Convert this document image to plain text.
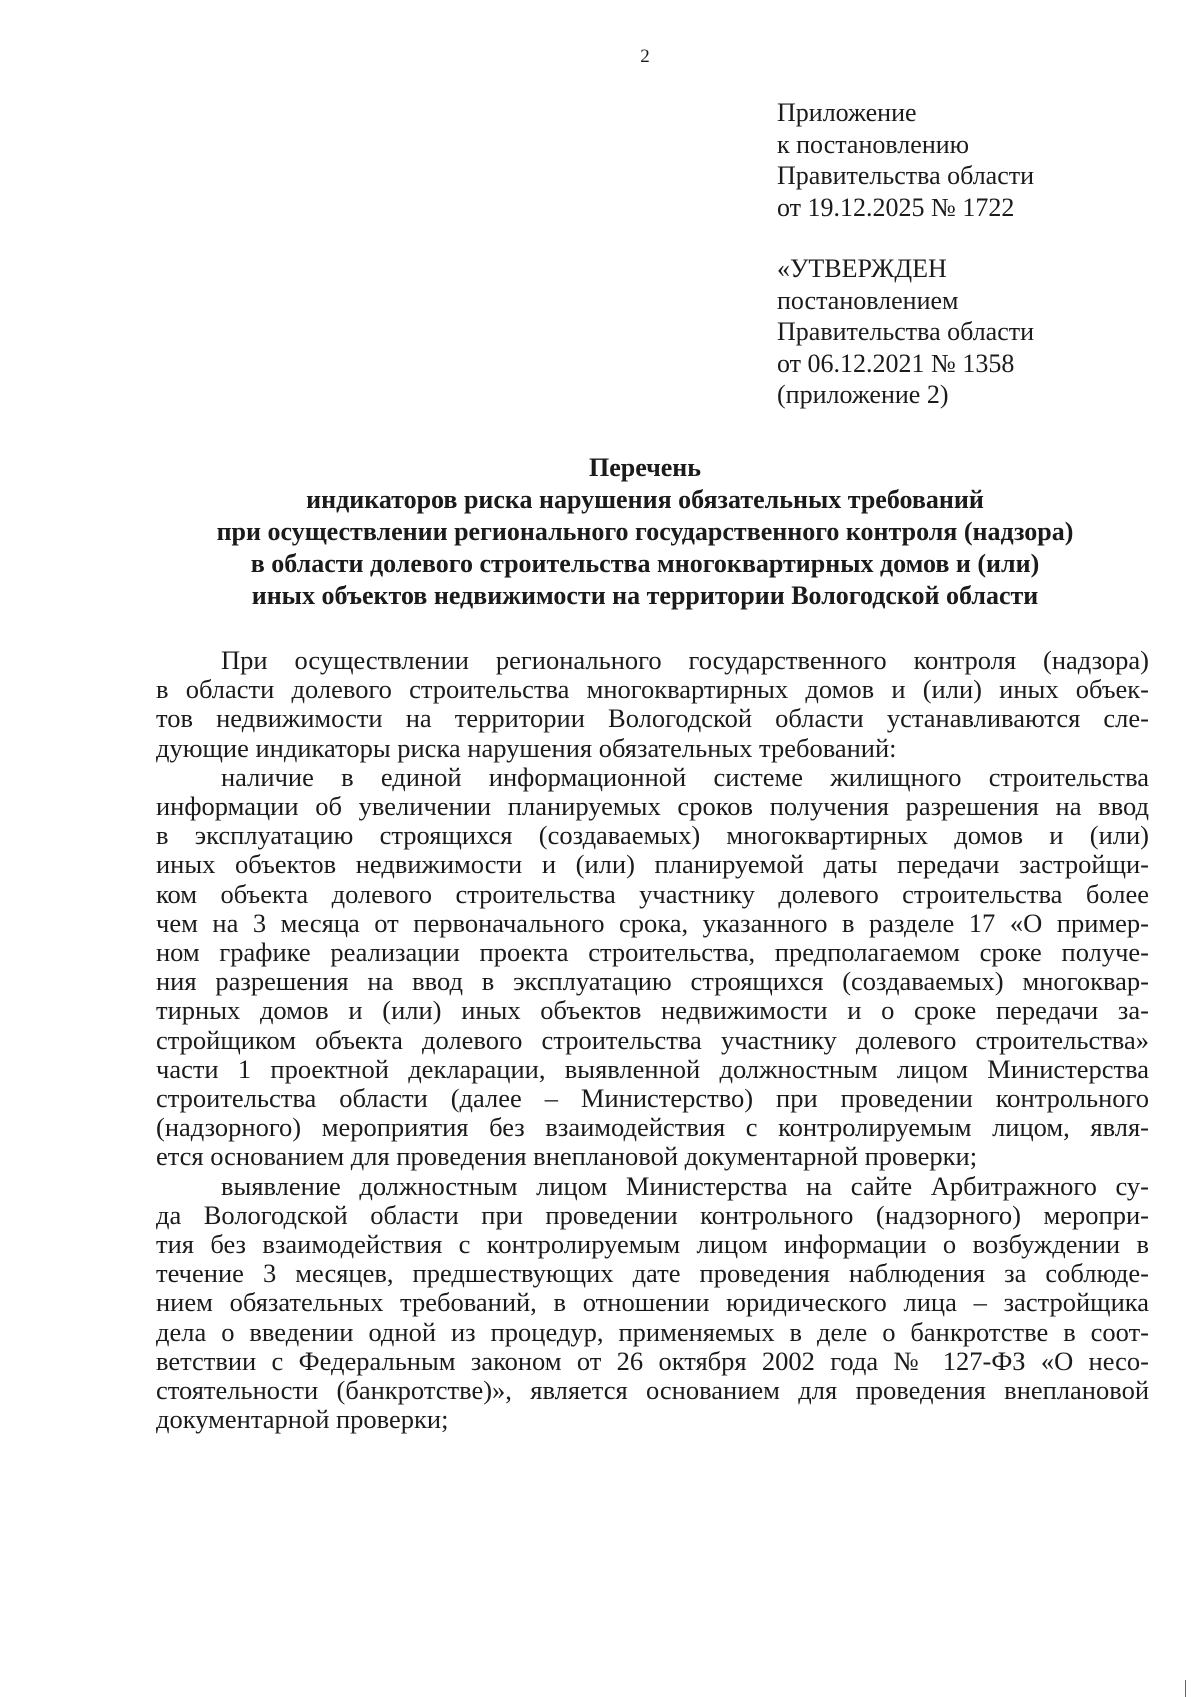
2
Приложение
к постановлению
Правительства области
от 19.12.2025 № 1722
«УТВЕРЖДЕН
постановлением
Правительства области
от 06.12.2021 № 1358
(приложение 2)
Перечень
индикаторов риска нарушения обязательных требований
при осуществлении регионального государственного контроля (надзора)
в области долевого строительства многоквартирных домов и (или)
иных объектов недвижимости на территории Вологодской области

При осуществлении регионального государственного контроля (надзора)
в области долевого строительства многоквартирных домов и (или) иных объек-
тов недвижимости на территории Вологодской области устанавливаются сле-
дующие индикаторы риска нарушения обязательных требований:

наличие в единой информационной системе жилищного строительства
информации об увеличении планируемых сроков получения разрешения на ввод
в эксплуатацию строящихся (создаваемых) многоквартирных домов и (или)
иных объектов недвижимости и (или) планируемой даты передачи застройщи-
ком объекта долевого строительства участнику долевого строительства более
чем на 3 месяца от первоначального срока, указанного в разделе 17 «О пример-
ном графике реализации проекта строительства, предполагаемом сроке получе-
ния разрешения на ввод в эксплуатацию строящихся (создаваемых) многоквар-
тирных домов и (или) иных объектов недвижимости и о сроке передачи за-
стройщиком объекта долевого строительства участнику долевого строительства»
части 1 проектной декларации, выявленной должностным лицом Министерства
строительства области (далее – Министерство) при проведении контрольного
(надзорного) мероприятия без взаимодействия с контролируемым лицом, явля-
ется основанием для проведения внеплановой документарной проверки;

выявление должностным лицом Министерства на сайте Арбитражного су-
да Вологодской области при проведении контрольного (надзорного) меропри-
тия без взаимодействия с контролируемым лицом информации о возбуждении в
течение 3 месяцев, предшествующих дате проведения наблюдения за соблюде-
нием обязательных требований, в отношении юридического лица – застройщика
дела о введении одной из процедур, применяемых в деле о банкротстве в соот-
ветствии с Федеральным законом от 26 октября 2002 года № 127-ФЗ «О несо-
стоятельности (банкротстве)», является основанием для проведения внеплановой
документарной проверки;
